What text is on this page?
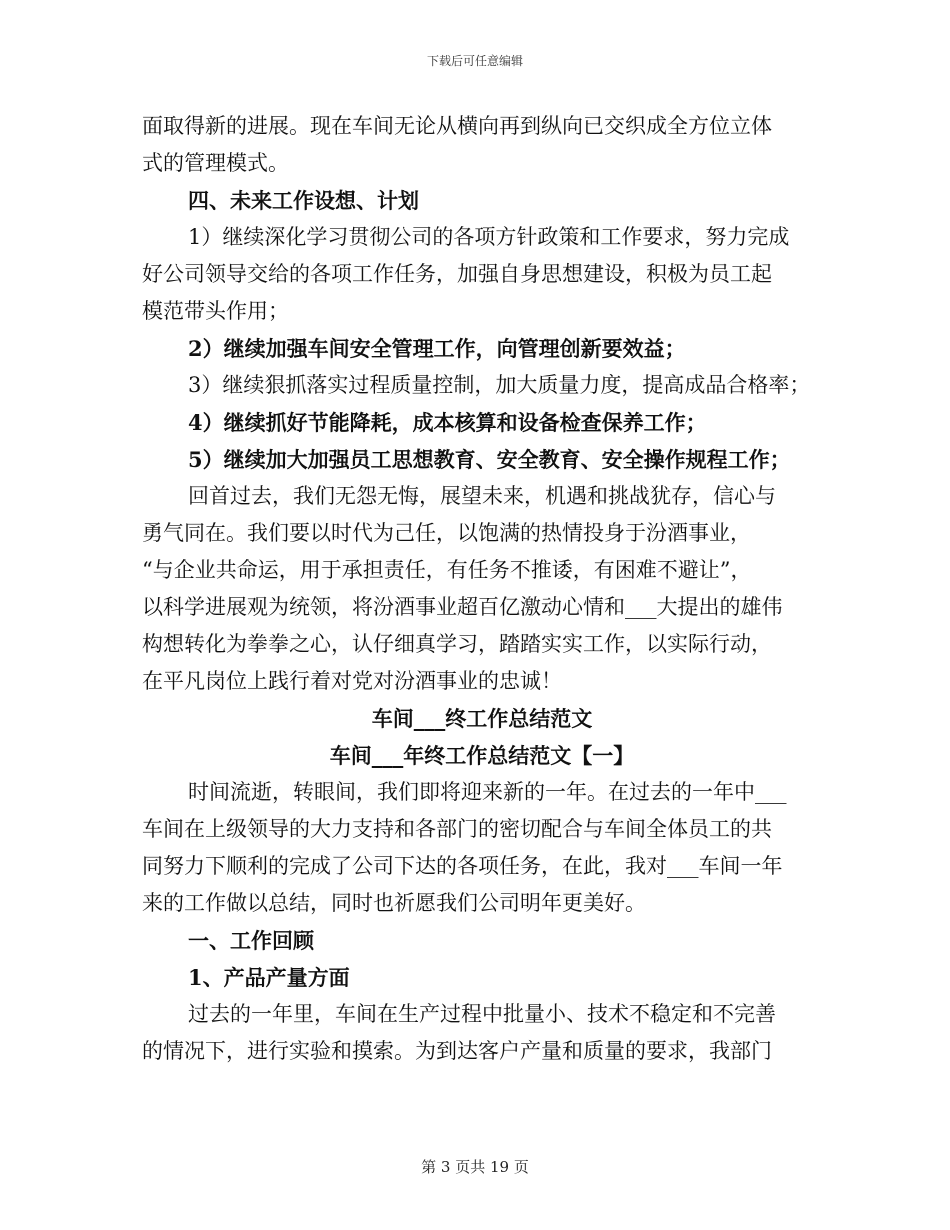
下载后可任意编辑
面取得新的进展。现在车间无论从横向再到纵向已交织成全方位立体
式的管理模式。
四、未来工作设想、计划
1）继续深化学习贯彻公司的各项方针政策和工作要求，努力完成
好公司领导交给的各项工作任务，加强自身思想建设，积极为员工起
模范带头作用；
2）继续加强车间安全管理工作，向管理创新要效益；
3）继续狠抓落实过程质量控制，加大质量力度，提高成品合格率；
4）继续抓好节能降耗，成本核算和设备检查保养工作；
5）继续加大加强员工思想教育、安全教育、安全操作规程工作；
回首过去，我们无怨无悔，展望未来，机遇和挑战犹存，信心与
勇气同在。我们要以时代为己任，以饱满的热情投身于汾酒事业，
“与企业共命运，用于承担责任，有任务不推诿，有困难不避让”，
以科学进展观为统领，将汾酒事业超百亿激动心情和___大提出的雄伟
构想转化为拳拳之心，认仔细真学习，踏踏实实工作，以实际行动，
在平凡岗位上践行着对党对汾酒事业的忠诚！
车间___终工作总结范文
车间___年终工作总结范文【一】
时间流逝，转眼间，我们即将迎来新的一年。在过去的一年中___
车间在上级领导的大力支持和各部门的密切配合与车间全体员工的共
同努力下顺利的完成了公司下达的各项任务，在此，我对___车间一年
来的工作做以总结，同时也祈愿我们公司明年更美好。
一、工作回顾
1、产品产量方面
过去的一年里，车间在生产过程中批量小、技术不稳定和不完善
的情况下，进行实验和摸索。为到达客户产量和质量的要求，我部门
第 3 页共 19 页
